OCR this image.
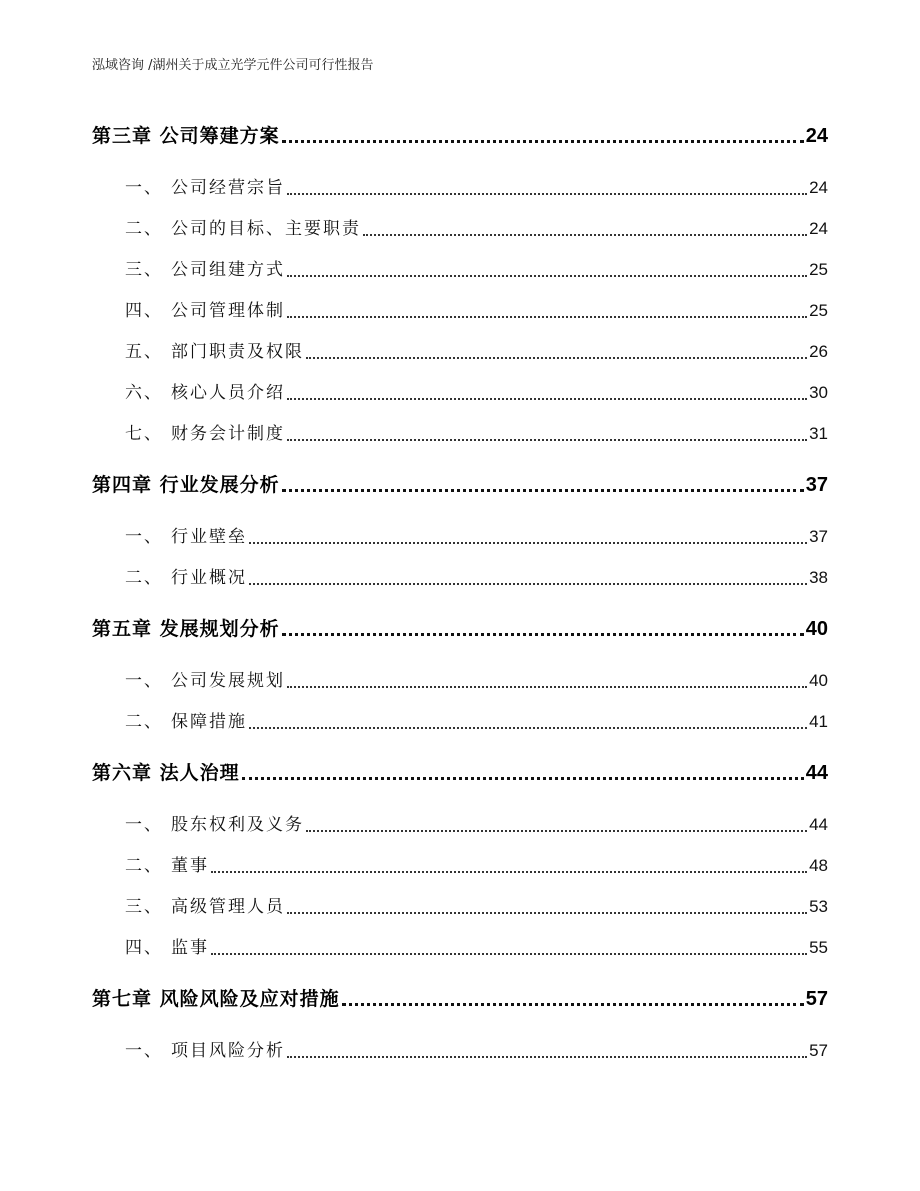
泓域咨询 /湖州关于成立光学元件公司可行性报告
第三章 公司筹建方案	24
一、 公司经营宗旨	24
二、 公司的目标、主要职责	24
三、 公司组建方式	25
四、 公司管理体制	25
五、 部门职责及权限	26
六、 核心人员介绍	30
七、 财务会计制度	31
第四章 行业发展分析	37
一、 行业壁垒	37
二、 行业概况	38
第五章 发展规划分析	40
一、 公司发展规划	40
二、 保障措施	41
第六章 法人治理	44
一、 股东权利及义务	44
二、 董事	48
三、 高级管理人员	53
四、 监事	55
第七章 风险风险及应对措施	57
一、 项目风险分析	57
